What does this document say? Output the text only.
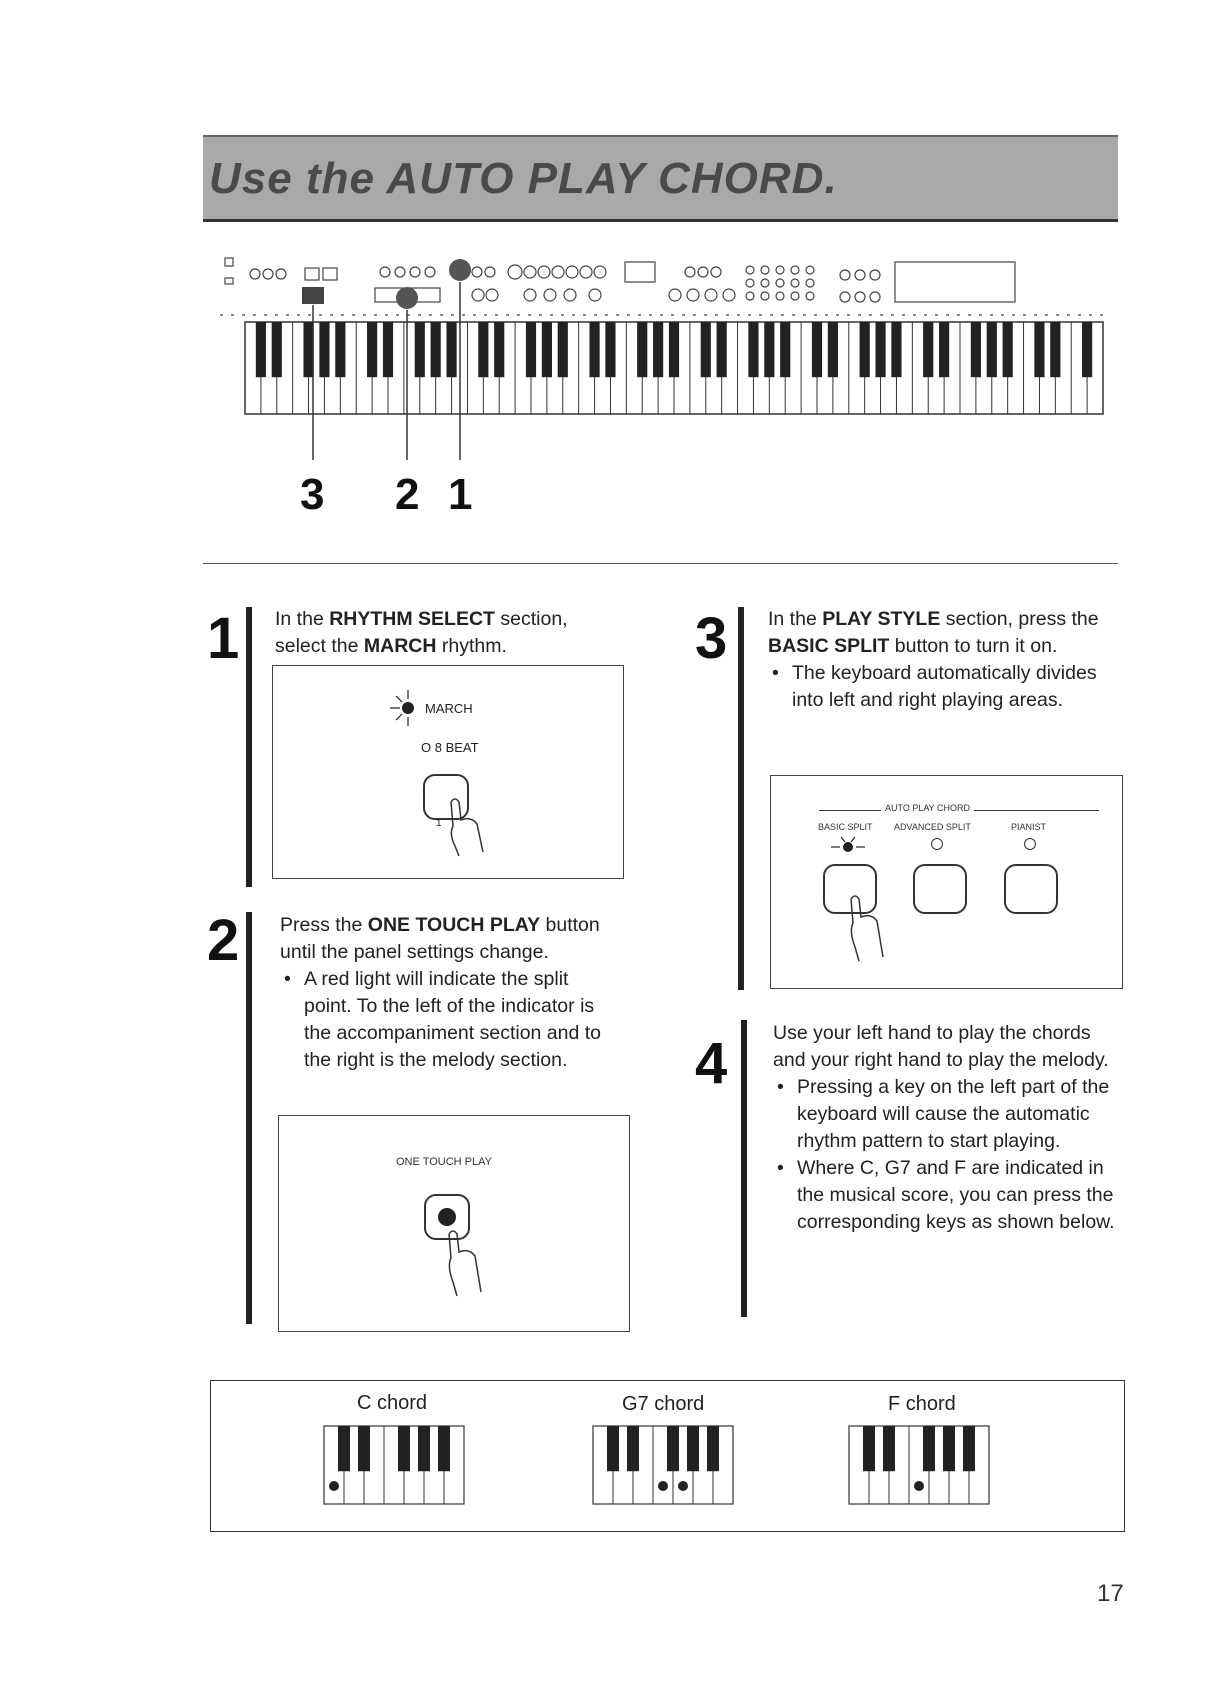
Use the AUTO PLAY CHORD.
3 2 1
1 In the RHYTHM SELECT section, select the MARCH rhythm.
MARCH
O 8 BEAT
1
2 Press the ONE TOUCH PLAY button until the panel settings change.
• A red light will indicate the split point. To the left of the indicator is the accompaniment section and to the right is the melody section.
ONE TOUCH PLAY
3 In the PLAY STYLE section, press the BASIC SPLIT button to turn it on.
• The keyboard automatically divides into left and right playing areas.
AUTO PLAY CHORD
BASIC SPLIT ADVANCED SPLIT	PIANIST
4 Use your left hand to play the chords and your right hand to play the melody.
• Pressing a key on the left part of the keyboard will cause the automatic rhythm pattern to start playing.
• Where C, G7 and F are indicated in the musical score, you can press the corresponding keys as shown below.
C chord	G7 chord	F chord
17
